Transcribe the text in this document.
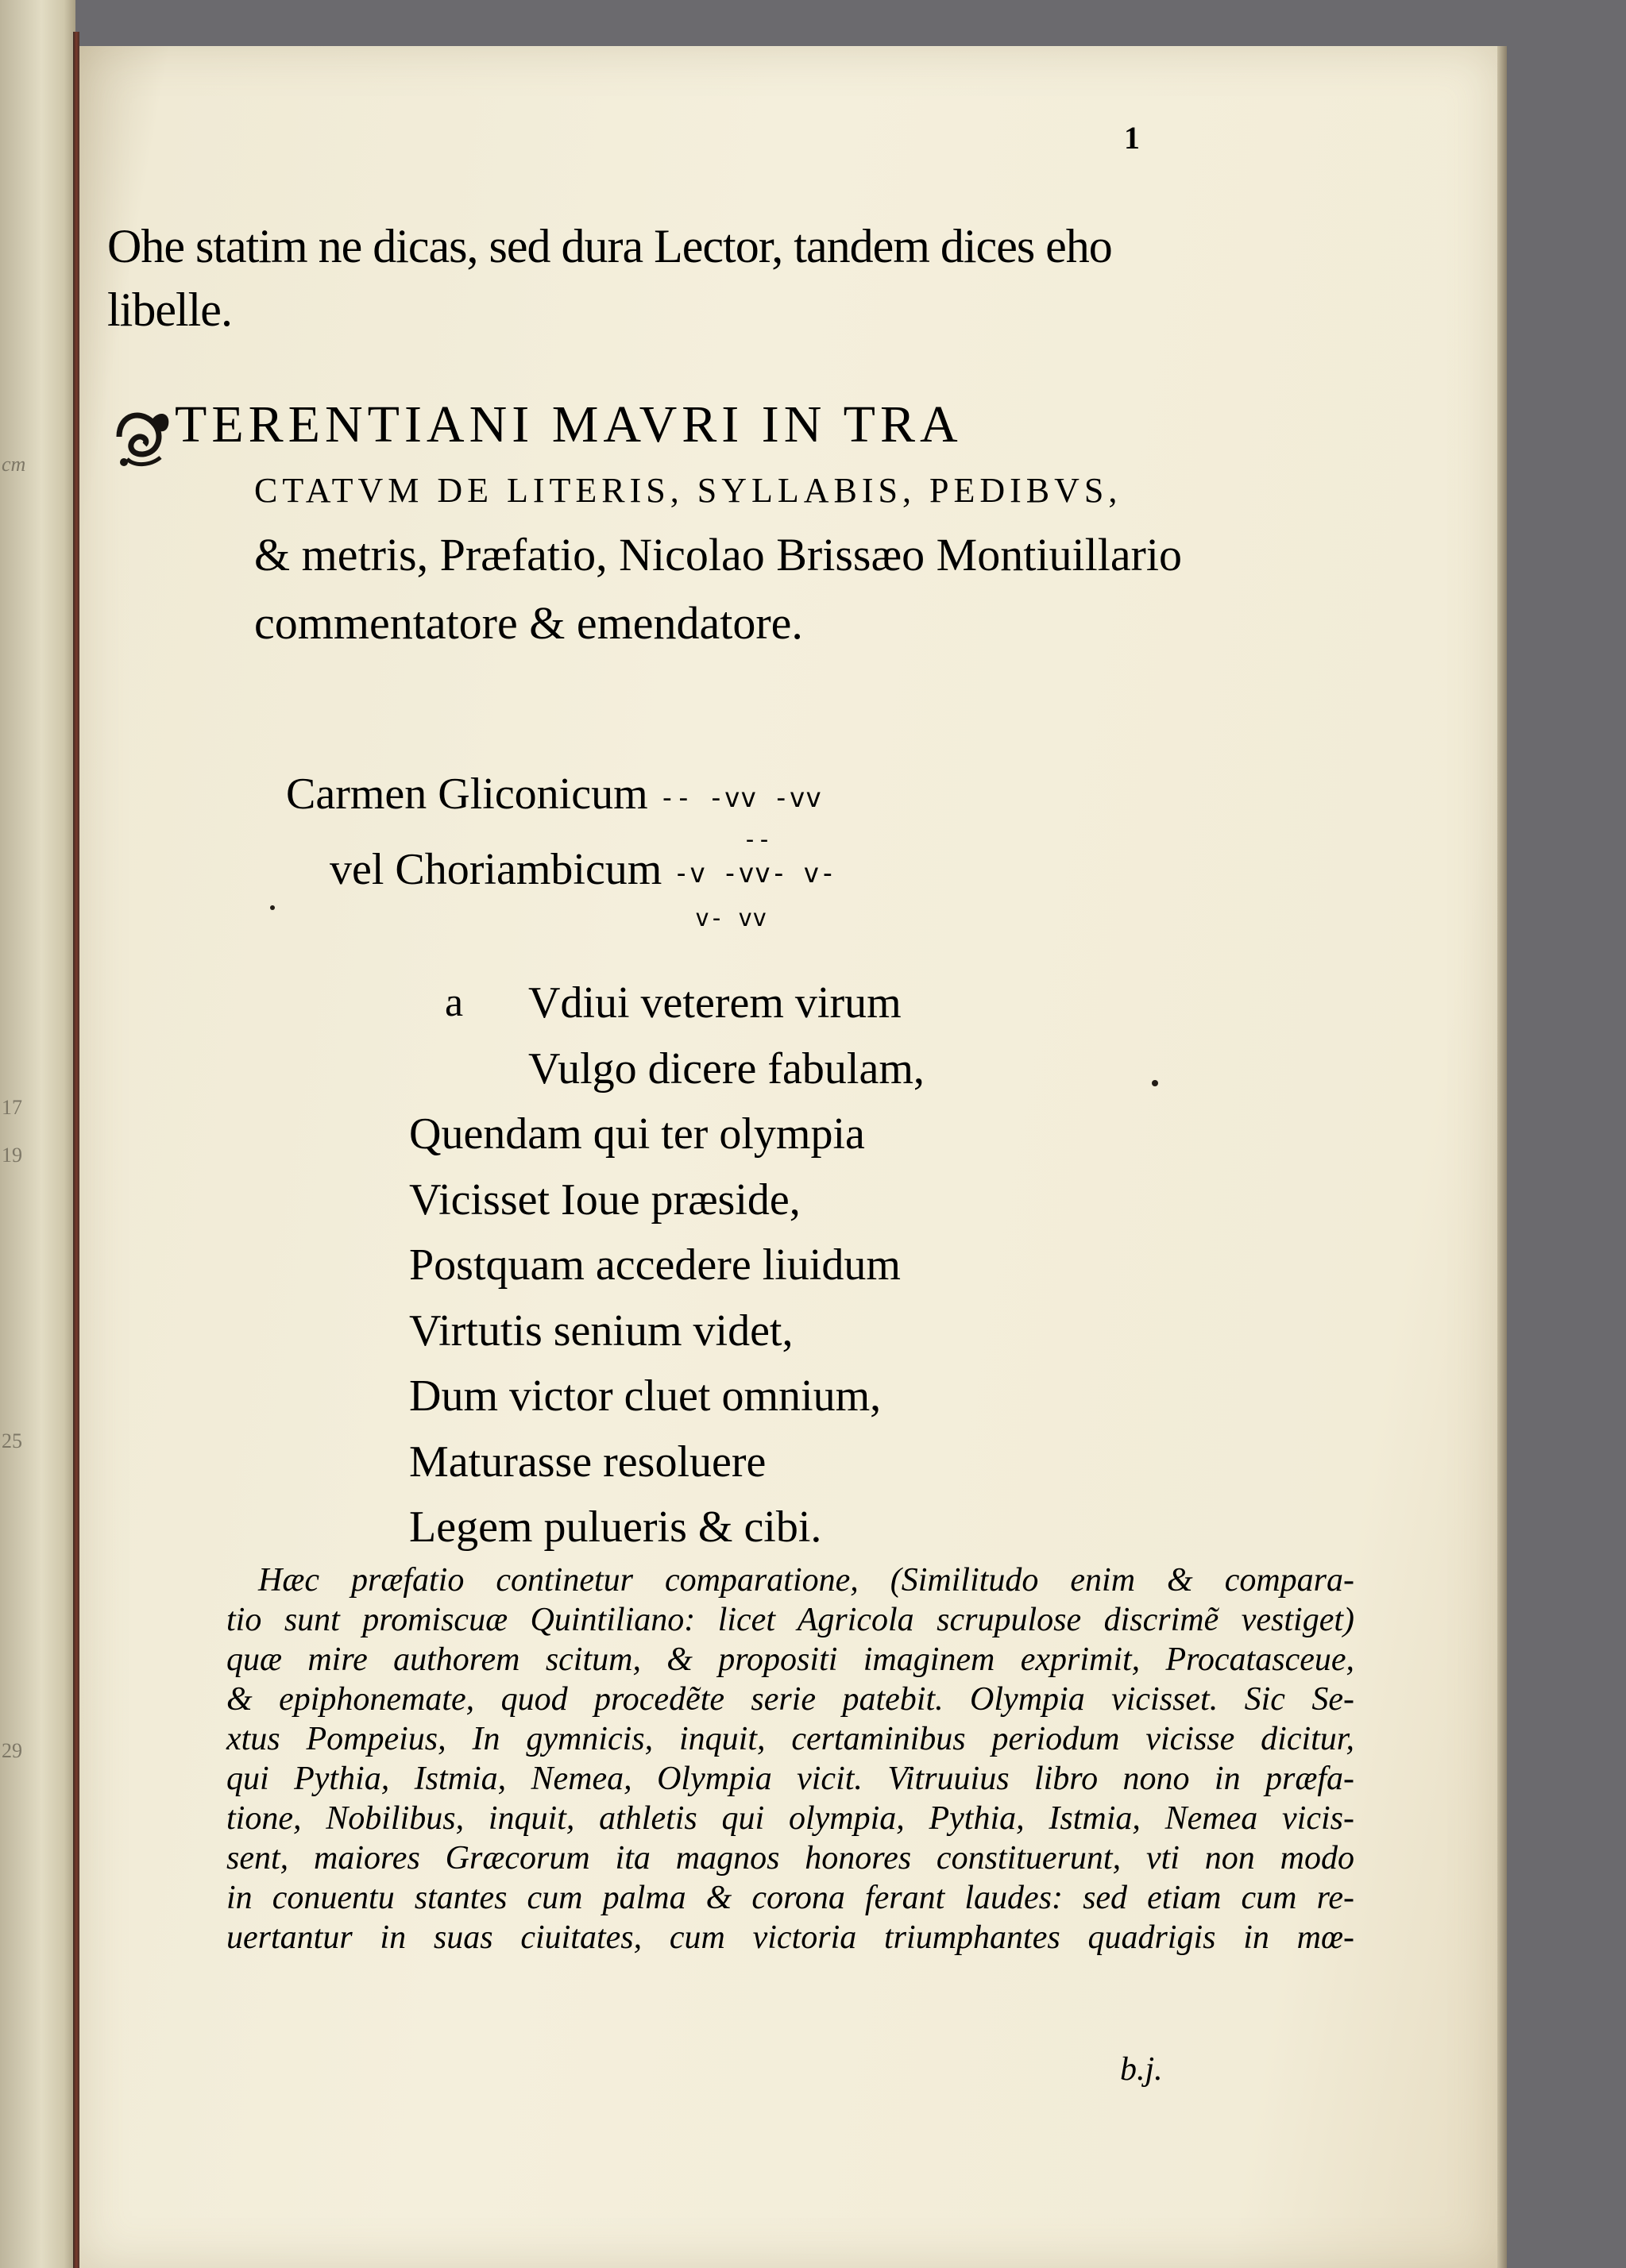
cm
17
19
25
29
1
Ohe statim ne dicas, sed dura Lector, tandem dices eho
libelle.
TERENTIANI MAVRI IN TRA
CTATVM DE LITERIS, SYLLABIS, PEDIBVS,
& metris, Præfatio, Nicolao Brissæo Montiuillario
commentatore & emendatore.
Carmen Gliconicum -- -vv -vv
--
vel Choriambicum -v -vv- v-
v- vv
a Vdiui veterem virum
Vulgo dicere fabulam,
Quendam qui ter olympia
Vicisset Ioue præside,
Postquam accedere liuidum
Virtutis senium videt,
Dum victor cluet omnium,
Maturasse resoluere
Legem pulueris & cibi.
Hæc præfatio continetur comparatione, (Similitudo enim & compara-
tio sunt promiscuæ Quintiliano: licet Agricola scrupulose discrimẽ vestiget)
quæ mire authorem scitum, & propositi imaginem exprimit, Procatasceue,
& epiphonemate, quod procedẽte serie patebit. Olympia vicisset. Sic Se-
xtus Pompeius, In gymnicis, inquit, certaminibus periodum vicisse dicitur,
qui Pythia, Istmia, Nemea, Olympia vicit. Vitruuius libro nono in præfa-
tione, Nobilibus, inquit, athletis qui olympia, Pythia, Istmia, Nemea vicis-
sent, maiores Græcorum ita magnos honores constituerunt, vti non modo
in conuentu stantes cum palma & corona ferant laudes: sed etiam cum re-
uertantur in suas ciuitates, cum victoria triumphantes quadrigis in mœ-
b.j.
